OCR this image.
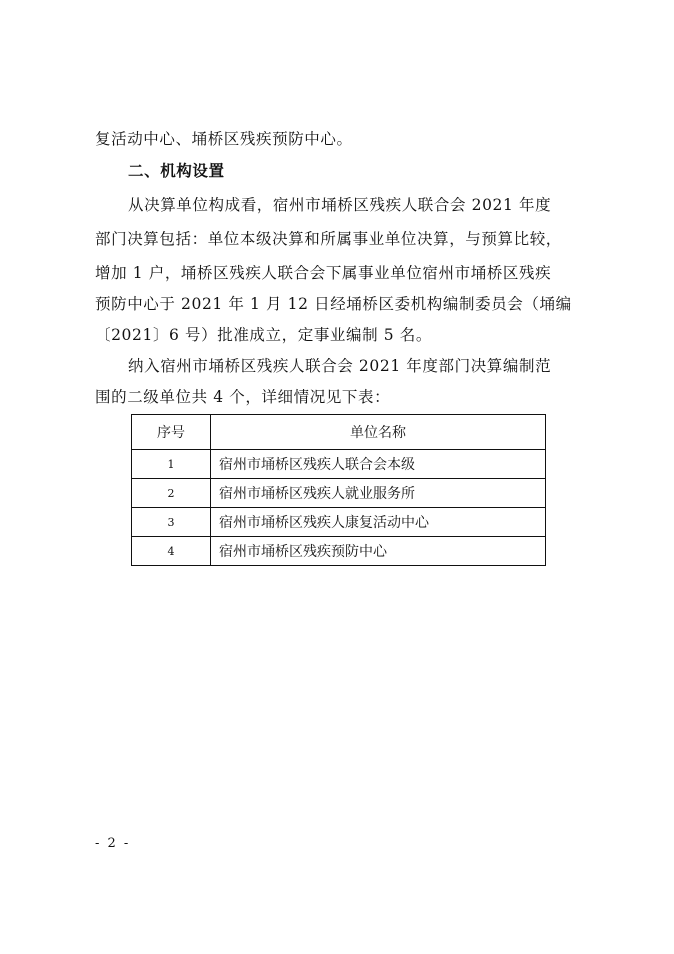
复活动中心、埇桥区残疾预防中心。
二、机构设置
从决算单位构成看，宿州市埇桥区残疾人联合会 2021 年度
部门决算包括：单位本级决算和所属事业单位决算，与预算比较，
增加 1 户，埇桥区残疾人联合会下属事业单位宿州市埇桥区残疾
预防中心于 2021 年 1 月 12 日经埇桥区委机构编制委员会（埇编
〔2021〕6 号）批准成立，定事业编制 5 名。
纳入宿州市埇桥区残疾人联合会 2021 年度部门决算编制范
围的二级单位共 4 个，详细情况见下表：
序号	单位名称
1	宿州市埇桥区残疾人联合会本级
2	宿州市埇桥区残疾人就业服务所
3	宿州市埇桥区残疾人康复活动中心
4	宿州市埇桥区残疾预防中心
- 2 -
